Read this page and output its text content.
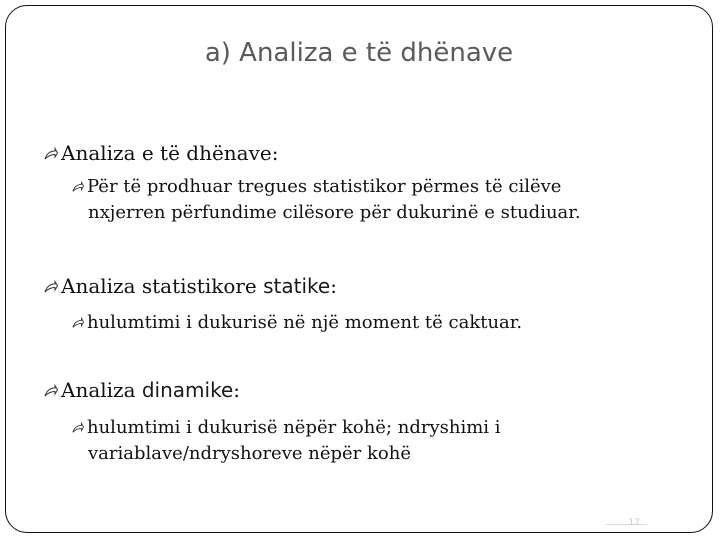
a) Analiza e të dhënave
Analiza e të dhënave:
Për të prodhuar tregues statistikor përmes të cilëve
nxjerren përfundime cilësore për dukurinë e studiuar.
Analiza statistikore statike:
hulumtimi i dukurisë në një moment të caktuar.
Analiza dinamike:
hulumtimi i dukurisë nëpër kohë; ndryshimi i
variablave/ndryshoreve nëpër kohë
17
